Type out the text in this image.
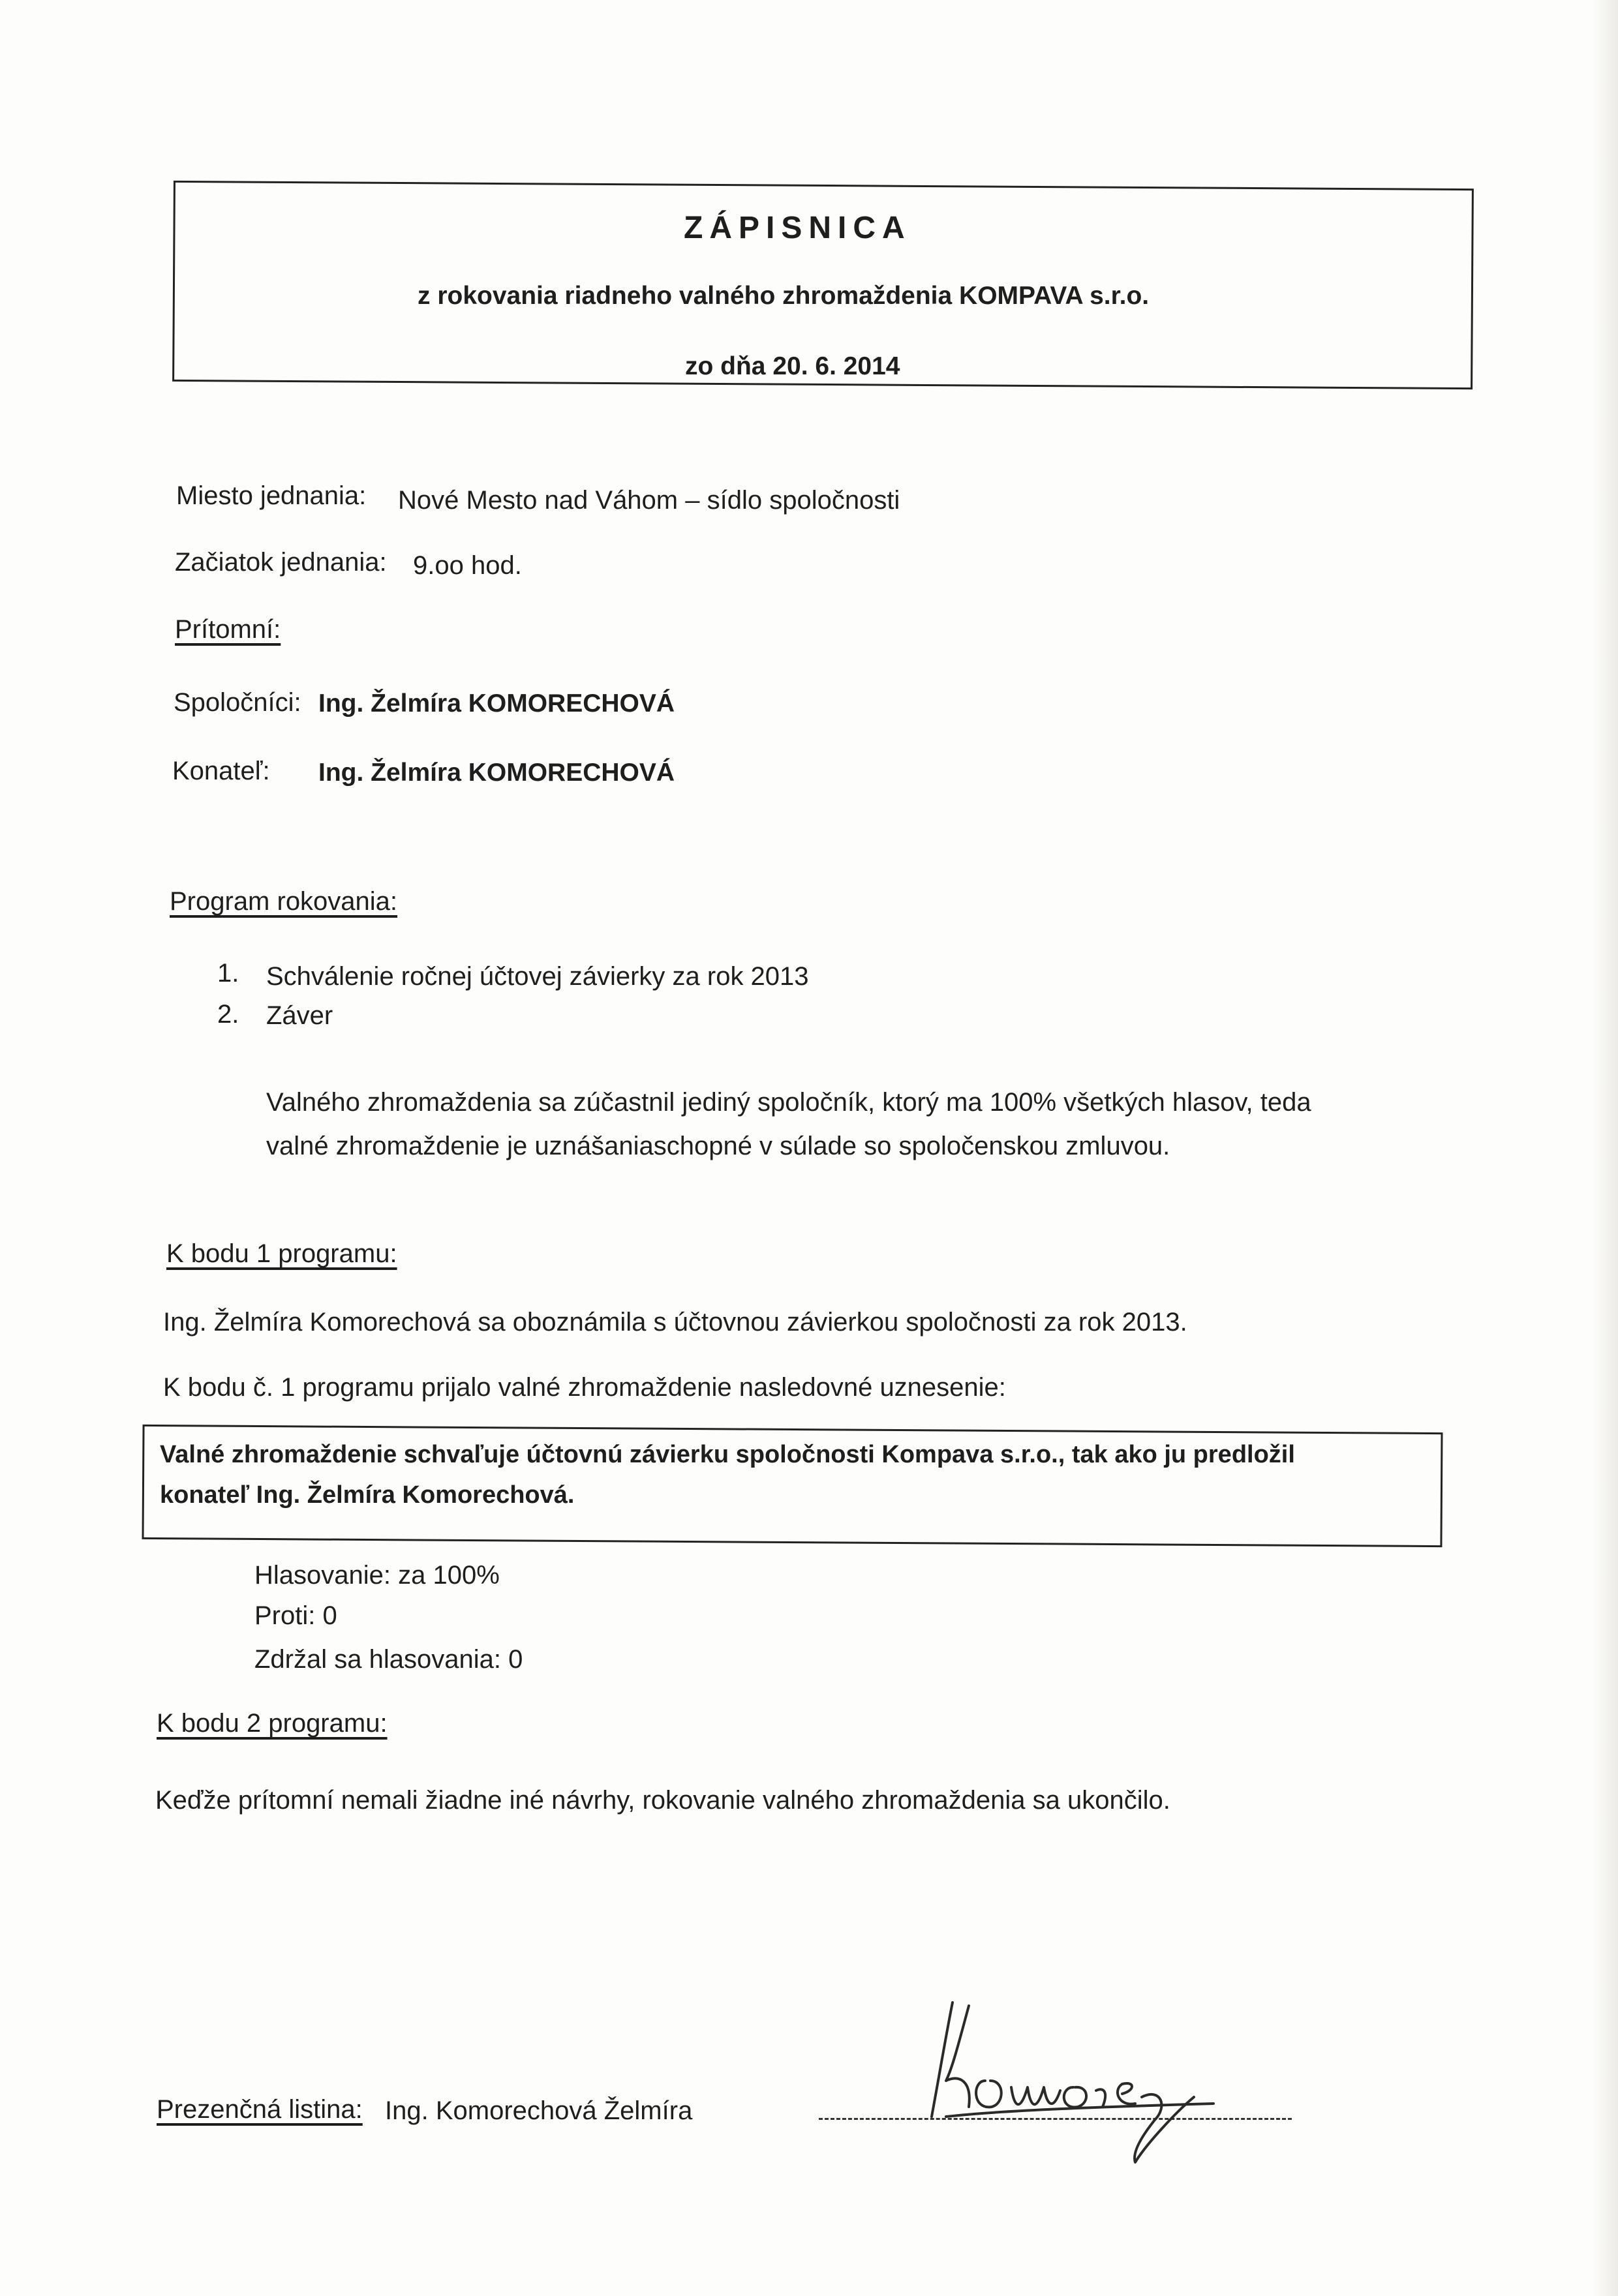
ZÁPISNICA
z rokovania riadneho valného zhromaždenia KOMPAVA s.r.o.
zo dňa 20. 6. 2014
Miesto jednania: Nové Mesto nad Váhom – sídlo spoločnosti
Začiatok jednania: 9.oo hod.
Prítomní:
Spoločníci: Ing. Želmíra KOMORECHOVÁ
Konateľ: Ing. Želmíra KOMORECHOVÁ
Program rokovania:
1. Schválenie ročnej účtovej závierky za rok 2013
2. Záver
Valného zhromaždenia sa zúčastnil jediný spoločník, ktorý ma 100% všetkých hlasov, teda
valné zhromaždenie je uznášaniaschopné v súlade so spoločenskou zmluvou.
K bodu 1 programu:
Ing. Želmíra Komorechová sa oboznámila s účtovnou závierkou spoločnosti za rok 2013.
K bodu č. 1 programu prijalo valné zhromaždenie nasledovné uznesenie:
Valné zhromaždenie schvaľuje účtovnú závierku spoločnosti Kompava s.r.o., tak ako ju predložil
konateľ Ing. Želmíra Komorechová.
Hlasovanie: za 100%
Proti: 0
Zdržal sa hlasovania: 0
K bodu 2 programu:
Keďže prítomní nemali žiadne iné návrhy, rokovanie valného zhromaždenia sa ukončilo.
Prezenčná listina: Ing. Komorechová Želmíra
